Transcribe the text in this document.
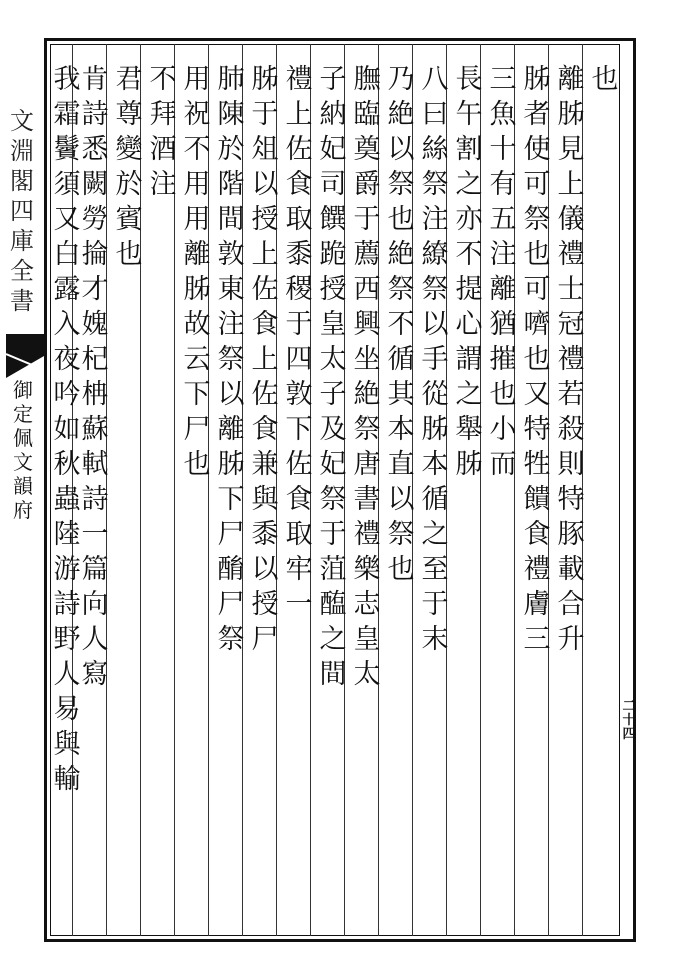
文淵閣四庫全書
御定佩文韻府
也
離胏見上儀禮士冠禮若殺則特豚載合升
胏者使可祭也可嚌也又特牲饋食禮膚三
三魚十有五注離猶摧也小而
長午割之亦不提心謂之舉胏
八曰絲祭注繚祭以手從胏本循之至于末
乃絶以祭也絶祭不循其本直以祭也
膴臨奠爵于薦西興坐絶祭唐書禮樂志皇太
子納妃司饌跪授皇太子及妃祭于菹醢之間
禮上佐食取黍稷于四敦下佐食取牢一
胏于俎以授上佐食上佐食兼與黍以授尸
肺陳於階間敦東注祭以離胏下尸酳尸祭
用祝不用用離胏故云下尸也
不拜酒注
君尊變於賓也
肯詩悉闕勞掄才媿杞柟蘇軾詩一篇向人寫
我霜鬢須又白露入夜吟如秋蟲陸游詩野人易與輸
二十四
